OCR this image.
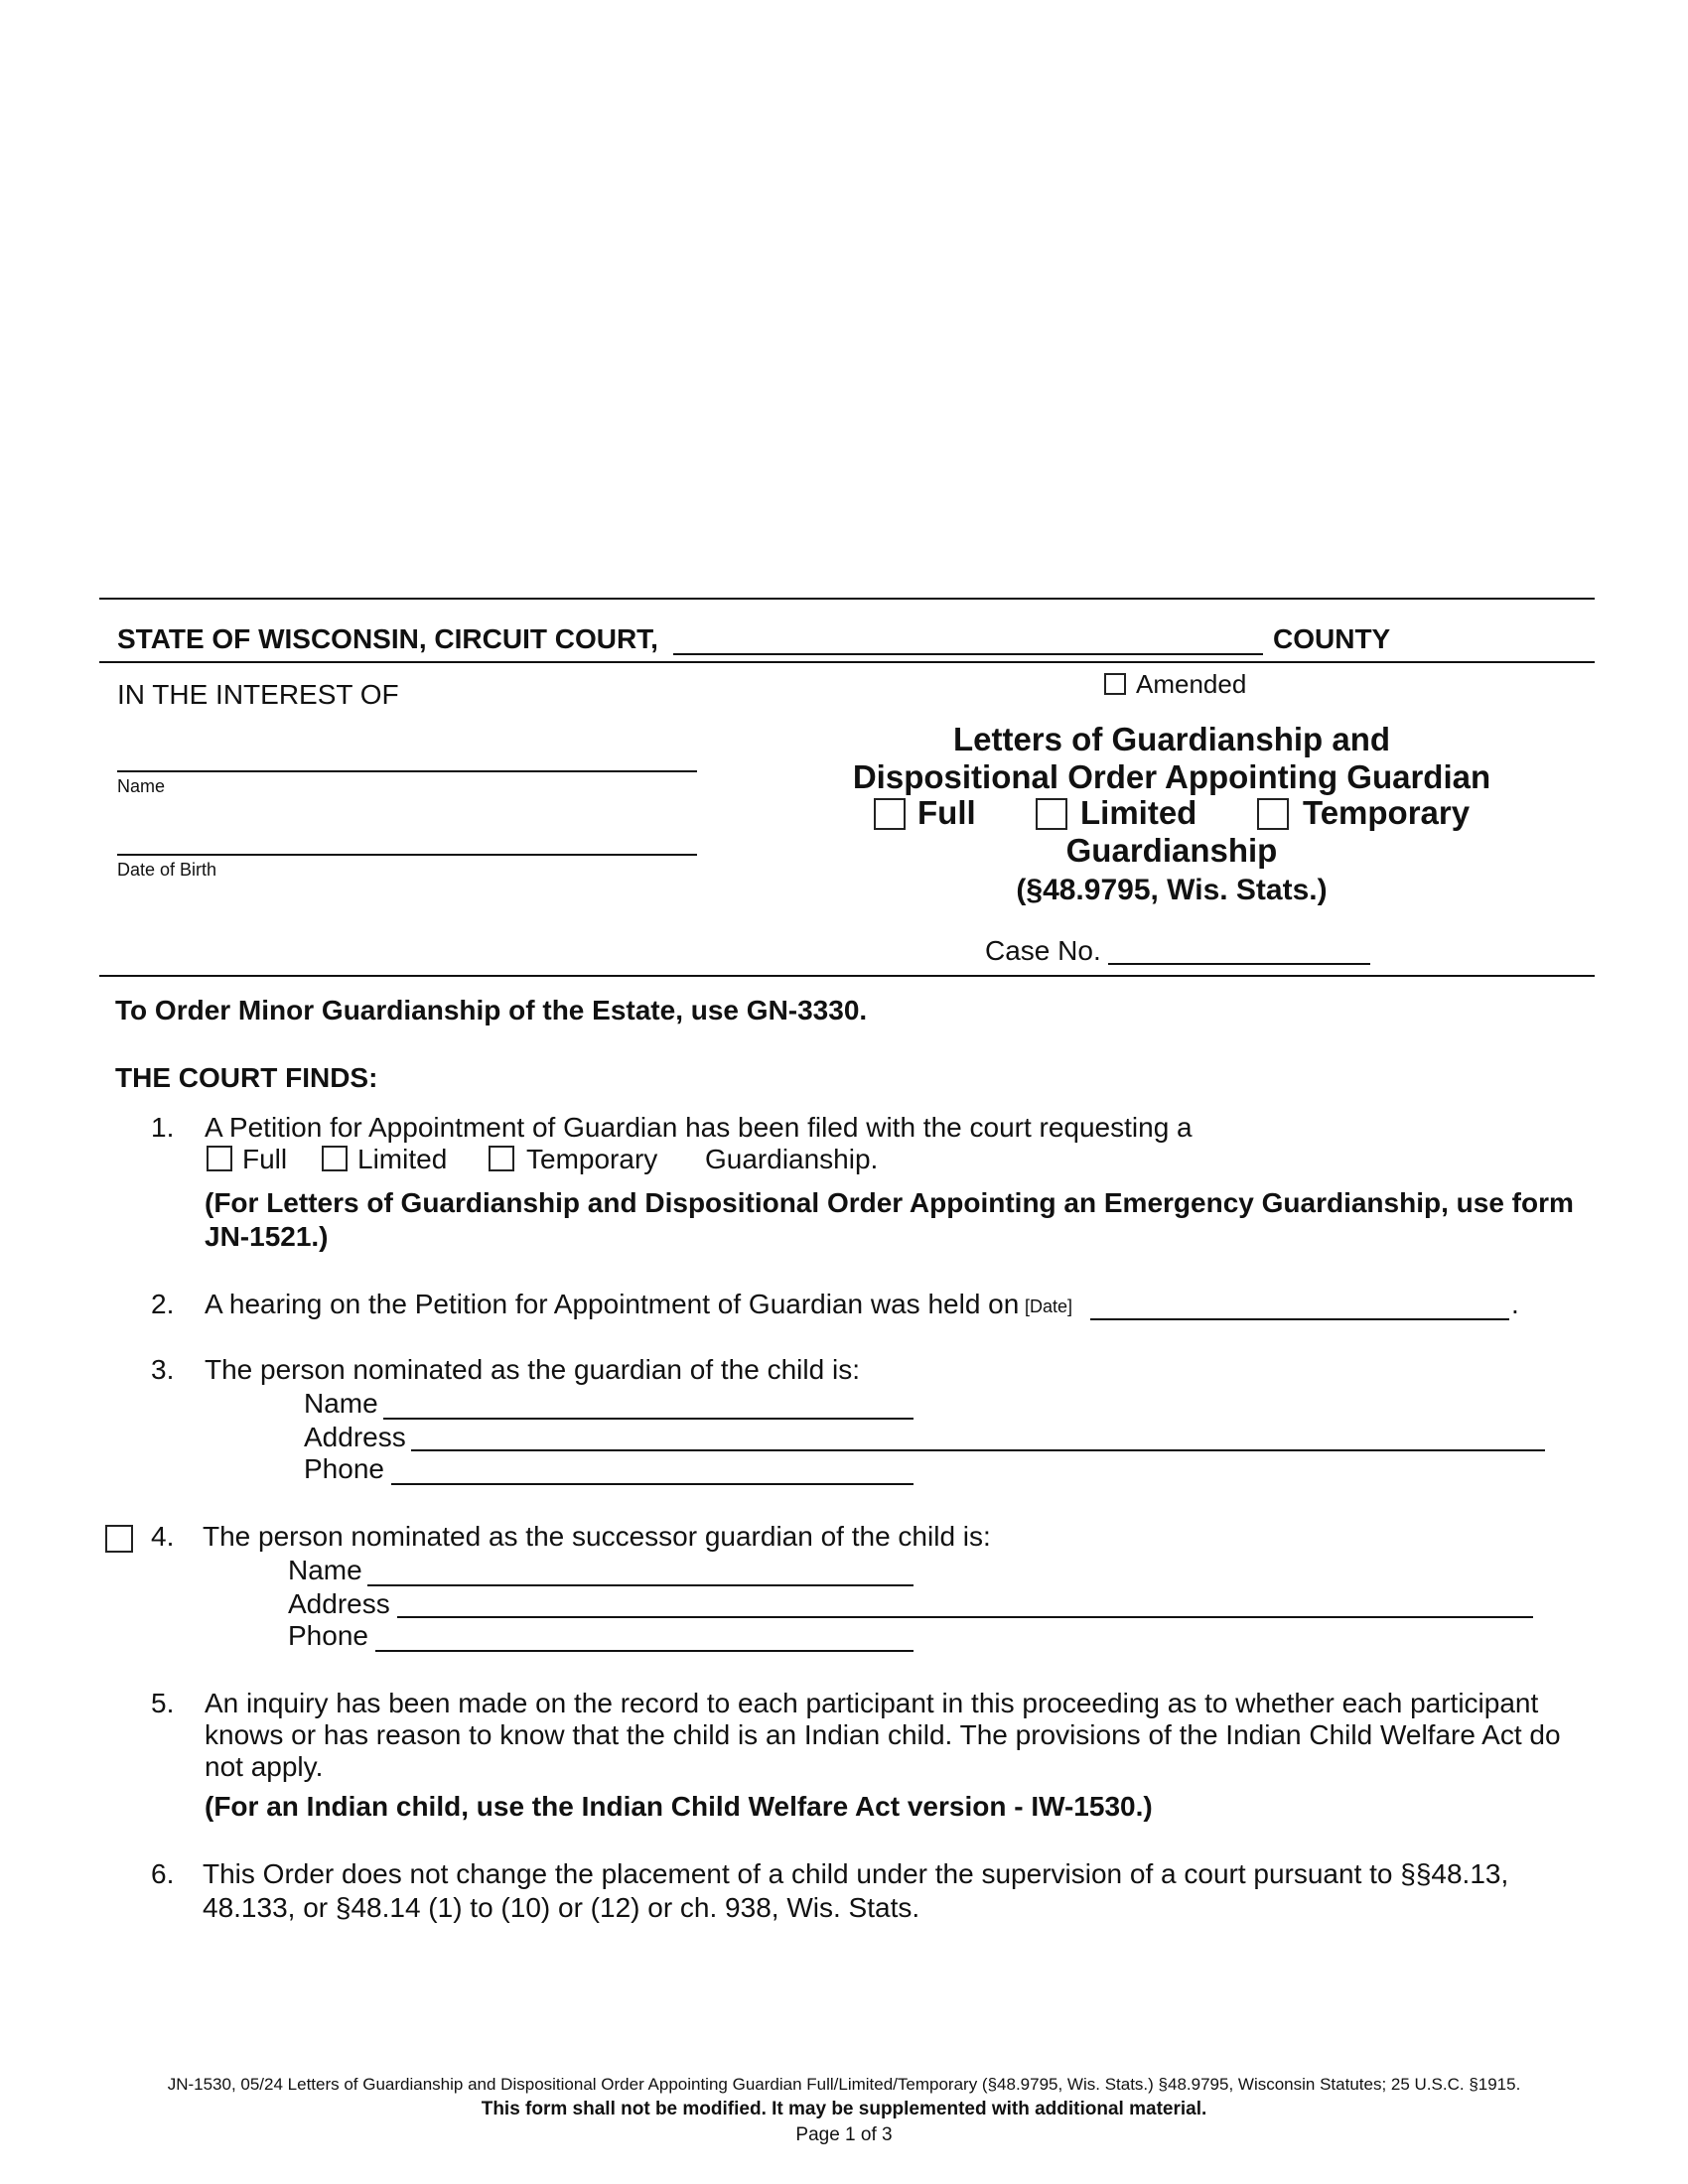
STATE OF WISCONSIN, CIRCUIT COURT,	COUNTY
IN THE INTEREST OF
Name
Date of Birth
Amended
Letters of Guardianship and
Dispositional Order Appointing Guardian
Full	Limited	Temporary
Guardianship
(§48.9795, Wis. Stats.)
Case No.
To Order Minor Guardianship of the Estate, use GN-3330.
THE COURT FINDS:
1. A Petition for Appointment of Guardian has been filed with the court requesting a
Full	Limited	Temporary Guardianship.
(For Letters of Guardianship and Dispositional Order Appointing an Emergency Guardianship, use form
JN-1521.)
2. A hearing on the Petition for Appointment of Guardian was held on [Date]	.
3. The person nominated as the guardian of the child is:
Name
Address
Phone
4. The person nominated as the successor guardian of the child is:
Name
Address
Phone
5. An inquiry has been made on the record to each participant in this proceeding as to whether each participant
knows or has reason to know that the child is an Indian child. The provisions of the Indian Child Welfare Act do
not apply.
(For an Indian child, use the Indian Child Welfare Act version - IW-1530.)
6. This Order does not change the placement of a child under the supervision of a court pursuant to §§48.13,
48.133, or §48.14 (1) to (10) or (12) or ch. 938, Wis. Stats.
JN-1530, 05/24 Letters of Guardianship and Dispositional Order Appointing Guardian Full/Limited/Temporary (§48.9795, Wis. Stats.) §48.9795, Wisconsin Statutes; 25 U.S.C. §1915.
This form shall not be modified. It may be supplemented with additional material.
Page 1 of 3
